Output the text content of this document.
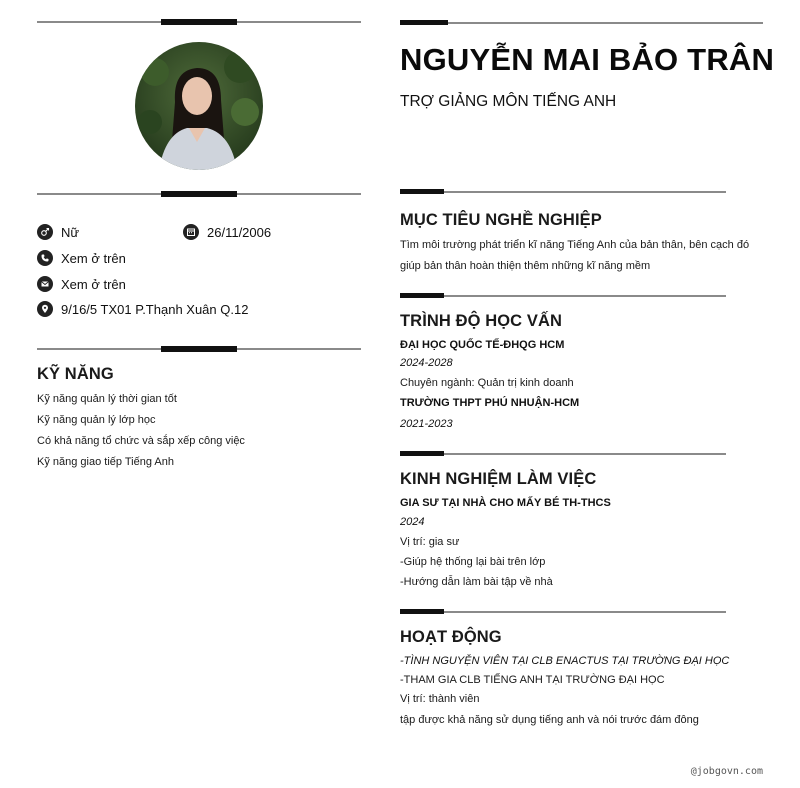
Nữ	26/11/2006
Xem ở trên
Xem ở trên
9/16/5 TX01 P.Thạnh Xuân Q.12
KỸ NĂNG
Kỹ năng quản lý thời gian tốt
Kỹ năng quản lý lớp học
Có khả năng tổ chức và sắp xếp công việc
Kỹ năng giao tiếp Tiếng Anh
NGUYỄN MAI BẢO TRÂN
TRỢ GIẢNG MÔN TIẾNG ANH
MỤC TIÊU NGHỀ NGHIỆP
Tìm môi trường phát triển kĩ năng Tiếng Anh của bản thân, bên cạch đó giúp bản thân hoàn thiện thêm những kĩ năng mềm
TRÌNH ĐỘ HỌC VẤN
ĐẠI HỌC QUỐC TẾ-ĐHQG HCM
2024-2028
Chuyên ngành: Quản trị kinh doanh
TRƯỜNG THPT PHÚ NHUẬN-HCM
2021-2023
KINH NGHIỆM LÀM VIỆC
GIA SƯ TẠI NHÀ CHO MẤY BÉ TH-THCS
2024
Vị trí: gia sư
-Giúp hệ thống lại bài trên lớp
-Hướng dẫn làm bài tập về nhà
HOẠT ĐỘNG
-TÌNH NGUYỆN VIÊN TẠI CLB ENACTUS TẠI TRƯỜNG ĐẠI HỌC
-THAM GIA CLB TIẾNG ANH TẠI TRƯỜNG ĐẠI HỌC
Vị trí: thành viên
tập được khả năng sử dụng tiếng anh và nói trước đám đông
@jobgovn.com
